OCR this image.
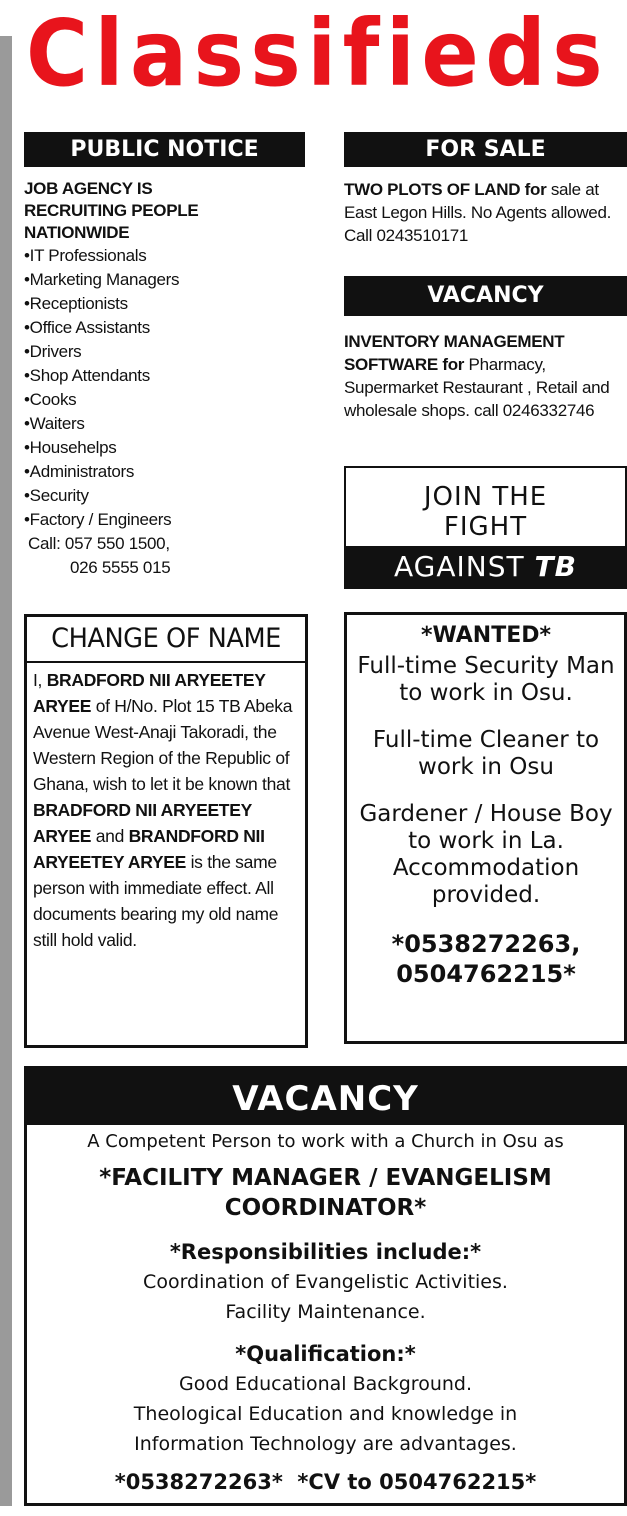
Classifieds
PUBLIC NOTICE
JOB AGENCY IS RECRUITING PEOPLE NATIONWIDE
•IT Professionals
•Marketing Managers
•Receptionists
•Office Assistants
•Drivers
•Shop Attendants
•Cooks
•Waiters
•Househelps
•Administrators
•Security
•Factory / Engineers
Call: 057 550 1500,
026 5555 015
FOR SALE
TWO PLOTS OF LAND for sale at East Legon Hills. No Agents allowed. Call 0243510171
VACANCY
INVENTORY MANAGEMENT SOFTWARE for Pharmacy, Supermarket Restaurant , Retail and wholesale shops. call 0246332746
JOIN THE
FIGHT
AGAINST TB
CHANGE OF NAME
I, BRADFORD NII ARYEETEY ARYEE of H/No. Plot 15 TB Abeka Avenue West-Anaji Takoradi, the Western Region of the Republic of Ghana, wish to let it be known that BRADFORD NII ARYEETEY ARYEE and BRANDFORD NII ARYEETEY ARYEE is the same person with immediate effect. All documents bearing my old name still hold valid.
*WANTED*
Full-time Security Man to work in Osu.
Full-time Cleaner to work in Osu
Gardener / House Boy to work in La. Accommodation provided.
*0538272263, 0504762215*
VACANCY
A Competent Person to work with a Church in Osu as
*FACILITY MANAGER / EVANGELISM COORDINATOR*
*Responsibilities include:*
Coordination of Evangelistic Activities.
Facility Maintenance.
*Qualification:*
Good Educational Background.
Theological Education and knowledge in
Information Technology are advantages.
*0538272263*  *CV to 0504762215*
